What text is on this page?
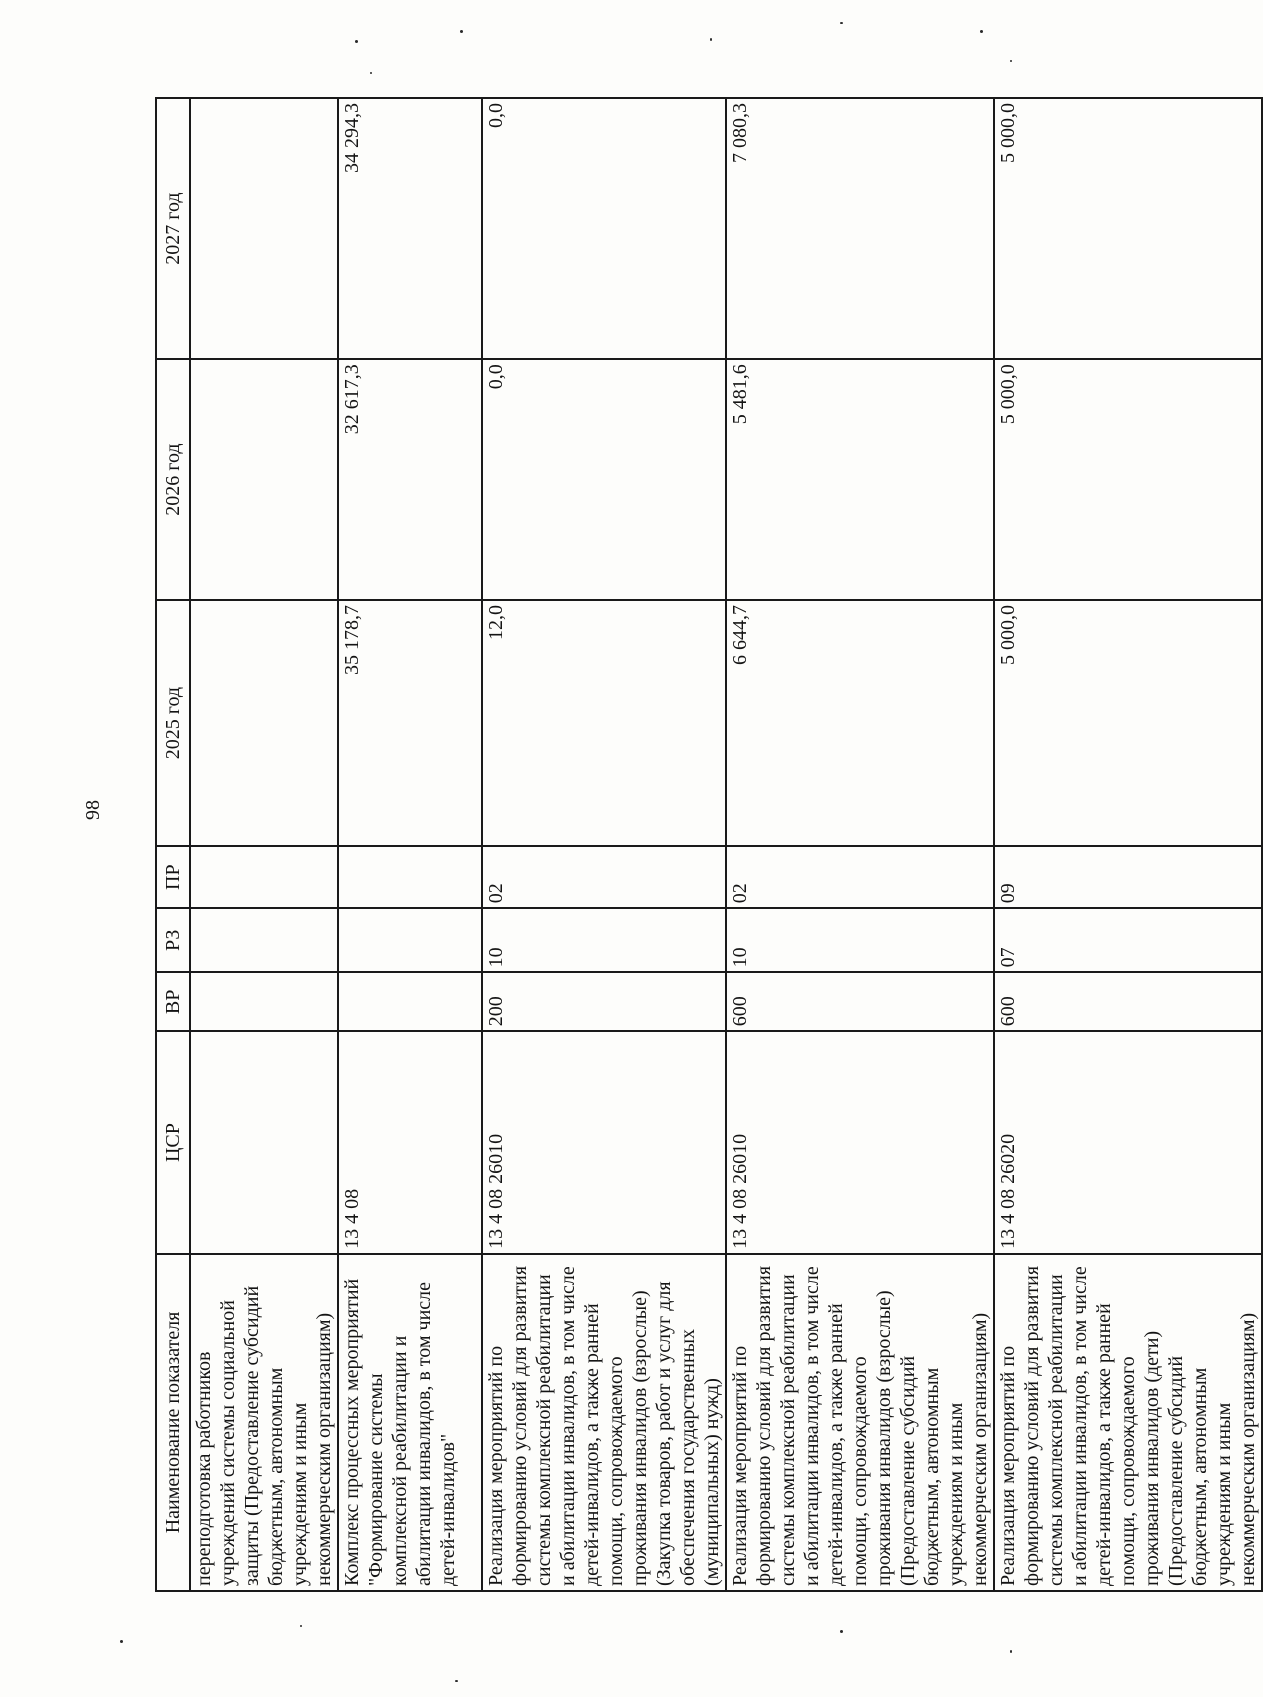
98
Наименование показателя	ЦСР	ВР	РЗ	ПР	2025 год	2026 год	2027 год
переподготовка работников учреждений системы социальной защиты (Предоставление субсидий бюджетным, автономным учреждениям и иным некоммерческим организациям)							
Комплекс процессных мероприятий "Формирование системы комплексной реабилитации и абилитации инвалидов, в том числе детей-инвалидов"	13 4 08				35 178,7	32 617,3	34 294,3
Реализация мероприятий по формированию условий для развития системы комплексной реабилитации и абилитации инвалидов, в том числе детей-инвалидов, а также ранней помощи, сопровождаемого проживания инвалидов (взрослые) (Закупка товаров, работ и услуг для обеспечения государственных (муниципальных) нужд)	13 4 08 26010	200	10	02	12,0	0,0	0,0
Реализация мероприятий по формированию условий для развития системы комплексной реабилитации и абилитации инвалидов, в том числе детей-инвалидов, а также ранней помощи, сопровождаемого проживания инвалидов (взрослые) (Предоставление субсидий бюджетным, автономным учреждениям и иным некоммерческим организациям)	13 4 08 26010	600	10	02	6 644,7	5 481,6	7 080,3
Реализация мероприятий по формированию условий для развития системы комплексной реабилитации и абилитации инвалидов, в том числе детей-инвалидов, а также ранней помощи, сопровождаемого проживания инвалидов (дети) (Предоставление субсидий бюджетным, автономным учреждениям и иным некоммерческим организациям)	13 4 08 26020	600	07	09	5 000,0	5 000,0	5 000,0
